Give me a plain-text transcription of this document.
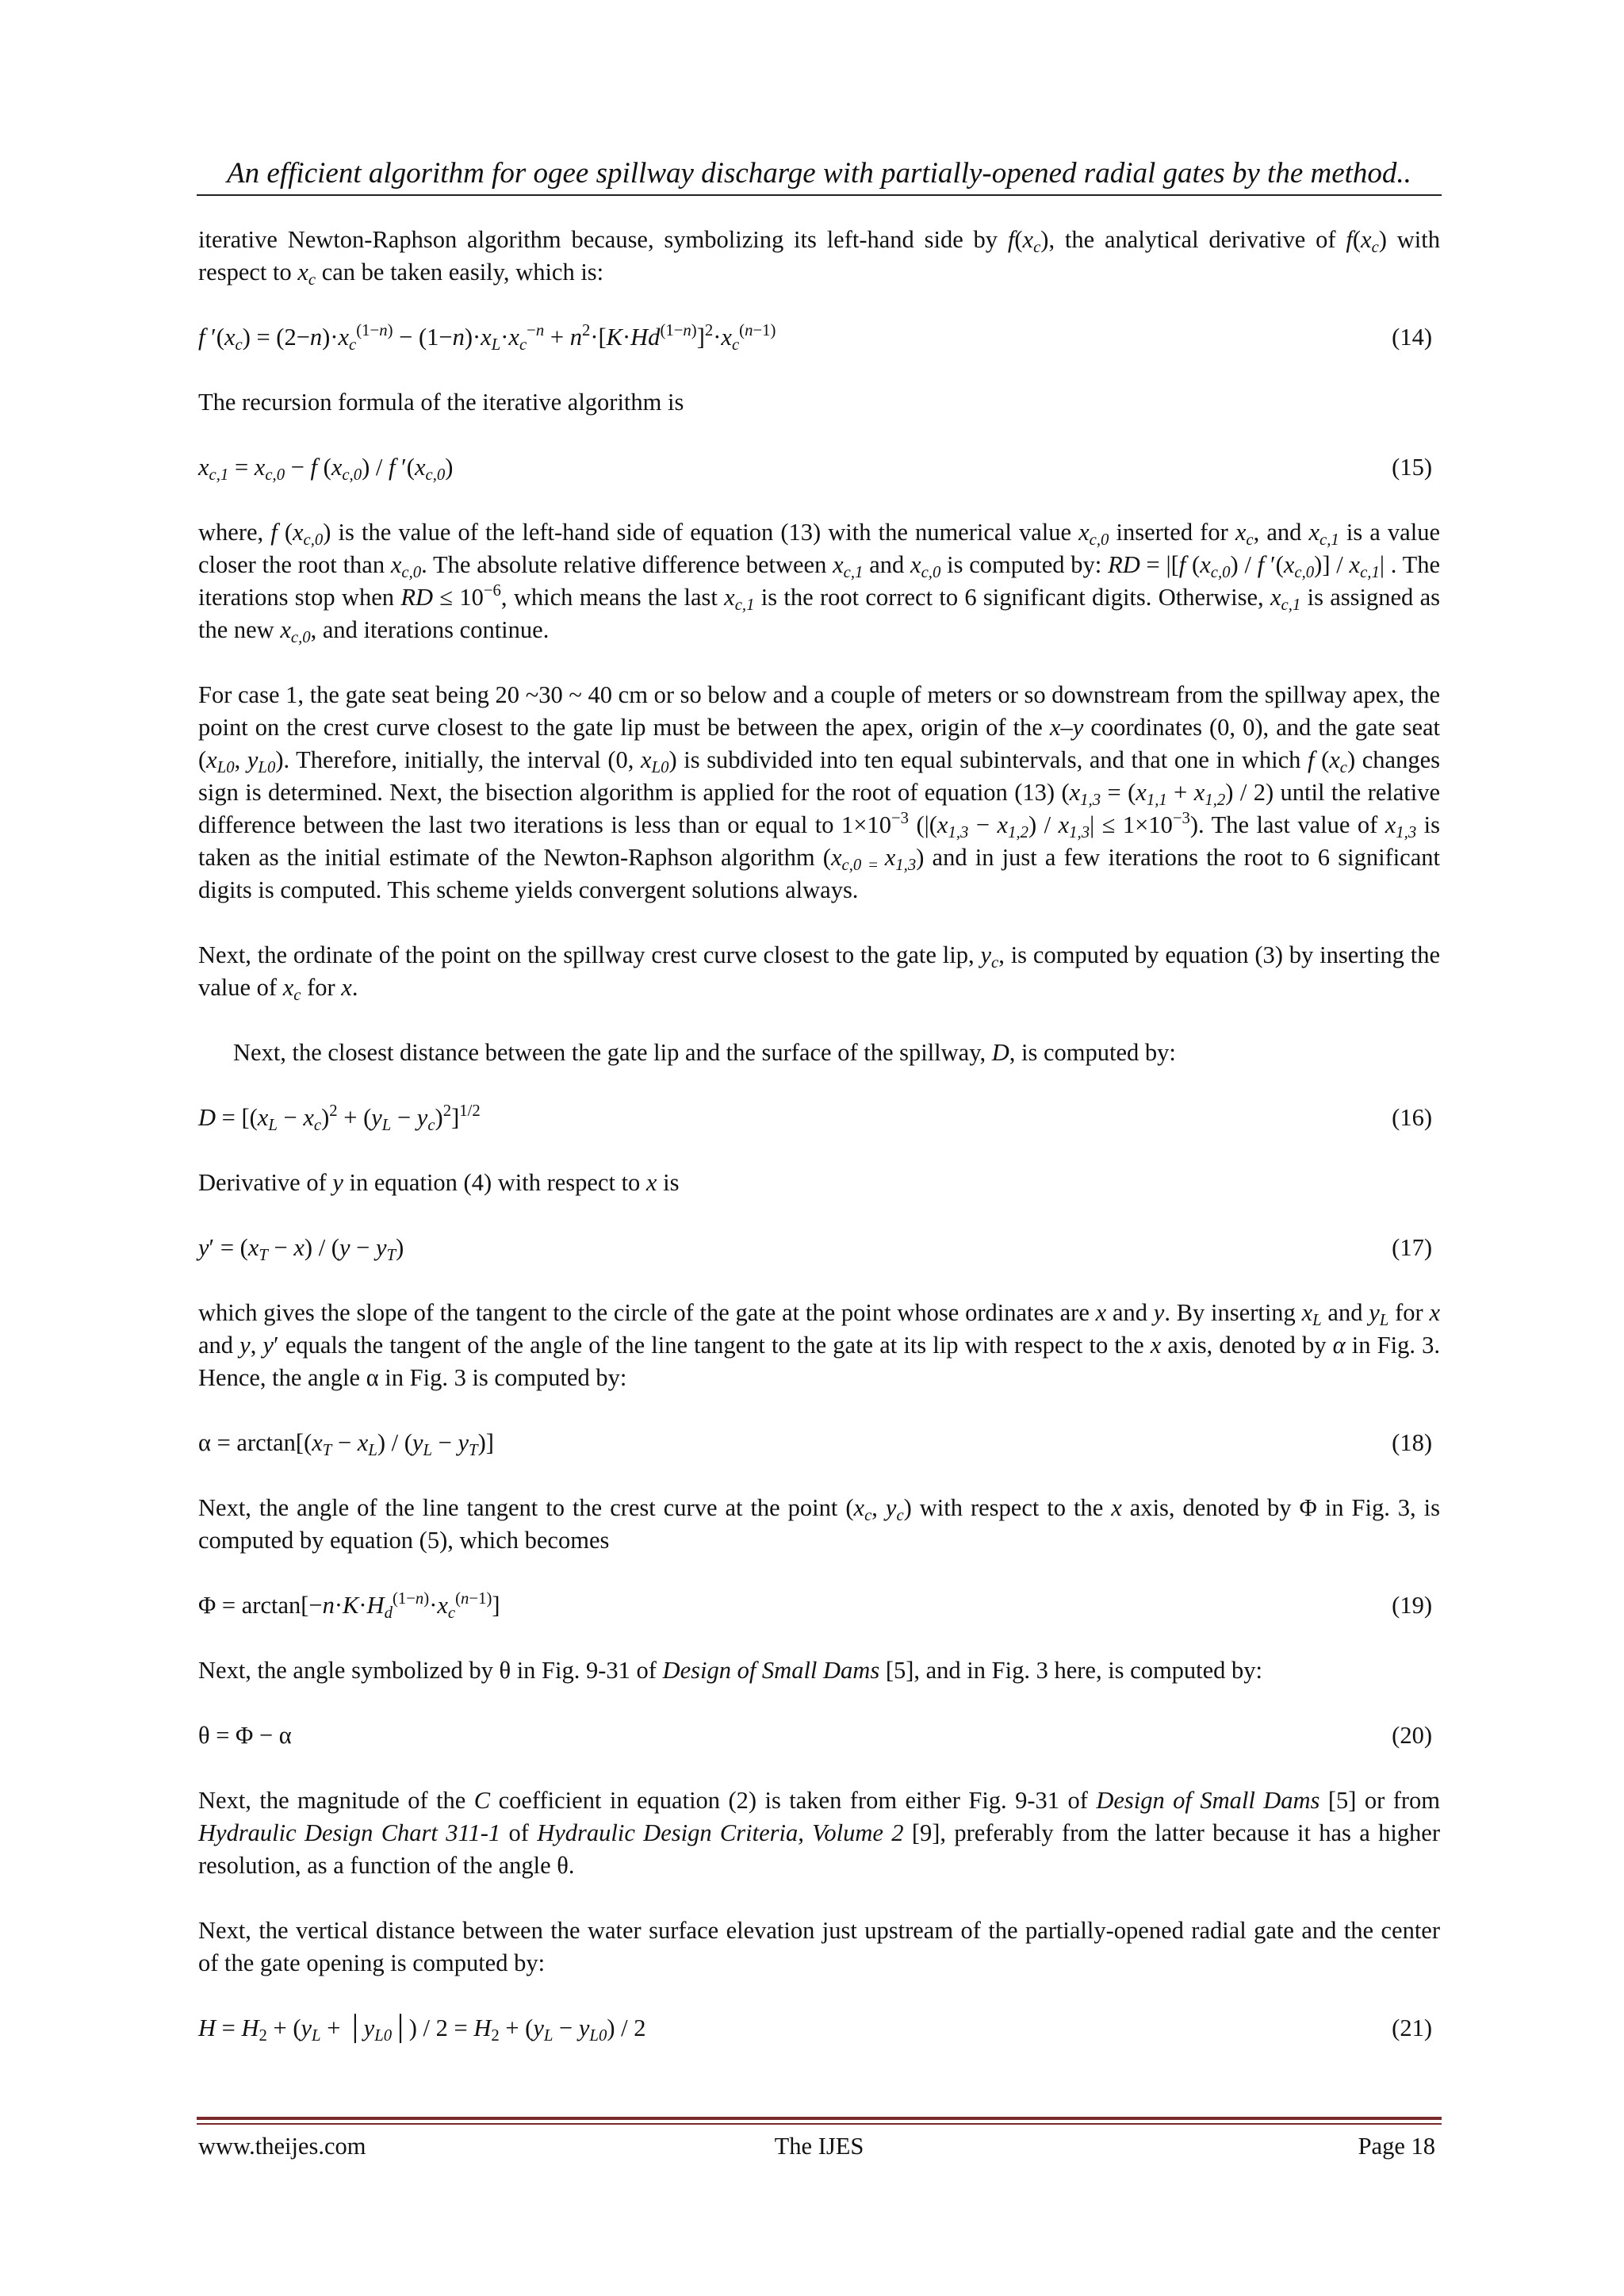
An efficient algorithm for ogee spillway discharge with partially-opened radial gates by the method..

iterative Newton-Raphson algorithm because, symbolizing its left-hand side by $f(x_c)$, the analytical derivative of $f(x_c)$ with respect to $x_c$ can be taken easily, which is:

f $'(x_c) = (2-n)\cdot x_c^{(1-n)} - (1-n)\cdot x_L\cdot x_c^{-n} + n^2\cdot[K\cdot Hd^{(1-n)}]^2\cdot x_c^{(n-1)}$	(14)

The recursion formula of the iterative algorithm is

$x_{c,1} = x_{c,0} - f$ $(x_{c,0})$ / f $'(x_{c,0})$	(15)

where, f $(x_{c,0})$ is the value of the left-hand side of equation (13) with the numerical value $x_{c,0}$ inserted for $x_c$, and $x_{c,1}$ is a value closer the root than $x_{c,0}$. The absolute relative difference between $x_{c,1}$ and $x_{c,0}$ is computed by: RD = |[f $(x_{c,0})$ / f $'(x_{c,0})] / x_{c,1}|$ . The iterations stop when RD ≤ $10^{-6}$, which means the last $x_{c,1}$ is the root correct to 6 significant digits. Otherwise, $x_{c,1}$ is assigned as the new $x_{c,0}$, and iterations continue.

For case 1, the gate seat being 20 ~30 ~ 40 cm or so below and a couple of meters or so downstream from the spillway apex, the point on the crest curve closest to the gate lip must be between the apex, origin of the x–y coordinates (0, 0), and the gate seat ($x_{L0}$, $y_{L0}$). Therefore, initially, the interval (0, $x_{L0}$) is subdivided into ten equal subintervals, and that one in which f $(x_c)$ changes sign is determined. Next, the bisection algorithm is applied for the root of equation (13) $(x_{1,3} = (x_{1,1} + x_{1,2}) / 2)$ until the relative difference between the last two iterations is less than or equal to $1\times 10^{-3}$ $(|(x_{1,3} - x_{1,2}) / x_{1,3}| \le 1\times 10^{-3})$. The last value of $x_{1,3}$ is taken as the initial estimate of the Newton-Raphson algorithm ($x_{c,0 =}$ $x_{1,3}$) and in just a few iterations the root to 6 significant digits is computed. This scheme yields convergent solutions always.

Next, the ordinate of the point on the spillway crest curve closest to the gate lip, $y_c$, is computed by equation (3) by inserting the value of $x_c$ for x.

Next, the closest distance between the gate lip and the surface of the spillway, D, is computed by:

$D = [(x_L - x_c)^2 + (y_L - y_c)^2]^{1/2}$	(16)

Derivative of y in equation (4) with respect to x is

$y' = (x_T - x) / (y - y_T)$	(17)

which gives the slope of the tangent to the circle of the gate at the point whose ordinates are x and y. By inserting $x_L$ and $y_L$ for x and y, y′ equals the tangent of the angle of the line tangent to the gate at its lip with respect to the x axis, denoted by α in Fig. 3. Hence, the angle α in Fig. 3 is computed by:

$\alpha = \arctan[(x_T - x_L) / (y_L - y_T)]$	(18)

Next, the angle of the line tangent to the crest curve at the point ($x_c$, $y_c$) with respect to the x axis, denoted by Φ in Fig. 3, is computed by equation (5), which becomes

$\Phi = \arctan[-n\cdot K\cdot H_d^{(1-n)}\cdot x_c^{(n-1)}]$	(19)

Next, the angle symbolized by θ in Fig. 9-31 of Design of Small Dams [5], and in Fig. 3 here, is computed by:

θ = Φ − α	(20)

Next, the magnitude of the C coefficient in equation (2) is taken from either Fig. 9-31 of Design of Small Dams [5] or from Hydraulic Design Chart 311-1 of Hydraulic Design Criteria, Volume 2 [9], preferably from the latter because it has a higher resolution, as a function of the angle θ.

Next, the vertical distance between the water surface elevation just upstream of the partially-opened radial gate and the center of the gate opening is computed by:

$H = H_2 + (y_L$ + $│y_{L0}│) / 2 = H_2 + (y_L - y_{L0}) / 2$	(21)
www.theijes.com	The IJES	Page 18
